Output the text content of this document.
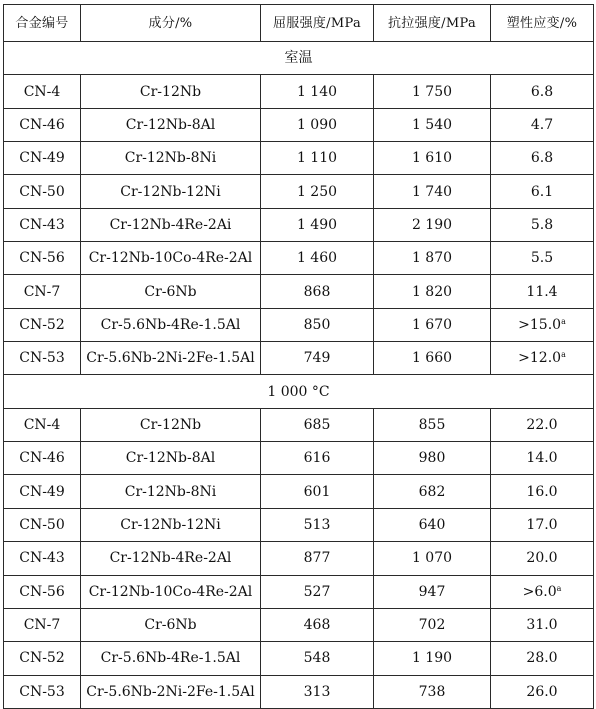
合金编号	成分/%	屈服强度/MPa	抗拉强度/MPa	塑性应变/%
室温				
CN-4	Cr-12Nb	1 140	1 750	6.8
CN-46	Cr-12Nb-8Al	1 090	1 540	4.7
CN-49	Cr-12Nb-8Ni	1 110	1 610	6.8
CN-50	Cr-12Nb-12Ni	1 250	1 740	6.1
CN-43	Cr-12Nb-4Re-2Ai	1 490	2 190	5.8
CN-56	Cr-12Nb-10Co-4Re-2Al	1 460	1 870	5.5
CN-7	Cr-6Nb	868	1 820	11.4
CN-52	Cr-5.6Nb-4Re-1.5Al	850	1 670	>15.0$^a$
CN-53	Cr-5.6Nb-2Ni-2Fe-1.5Al	749	1 660	>12.0$^a$
1 000 °C				
CN-4	Cr-12Nb	685	855	22.0
CN-46	Cr-12Nb-8Al	616	980	14.0
CN-49	Cr-12Nb-8Ni	601	682	16.0
CN-50	Cr-12Nb-12Ni	513	640	17.0
CN-43	Cr-12Nb-4Re-2Al	877	1 070	20.0
CN-56	Cr-12Nb-10Co-4Re-2Al	527	947	>6.0$^a$
CN-7	Cr-6Nb	468	702	31.0
CN-52	Cr-5.6Nb-4Re-1.5Al	548	1 190	28.0
CN-53	Cr-5.6Nb-2Ni-2Fe-1.5Al	313	738	26.0
